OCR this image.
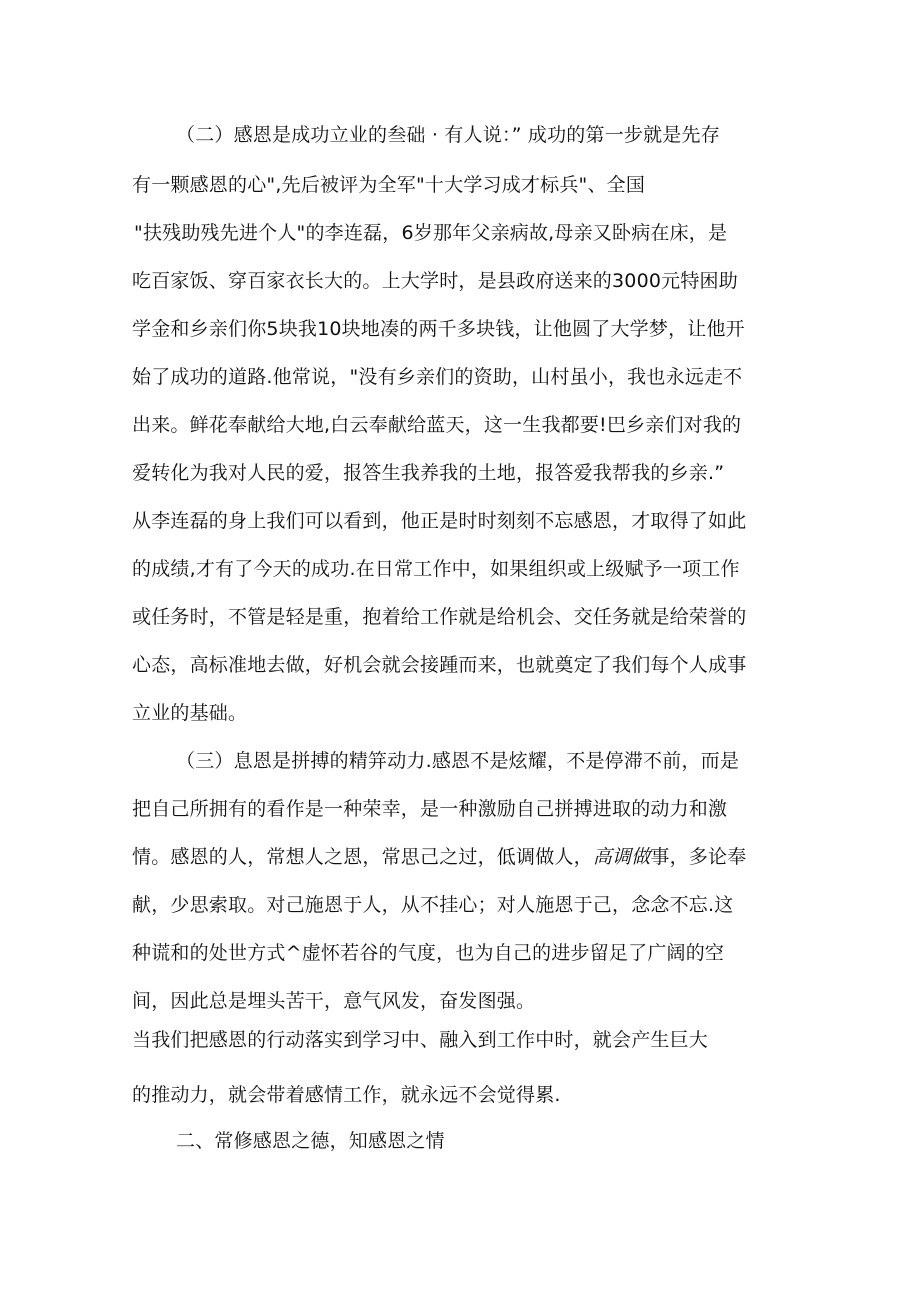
（二）感恩是成功立业的叁础 · 有人说：” 成功的第一步就是先存
有一颗感恩的心",先后被评为全军"十大学习成才标兵"、全国
"扶残助残先进个人"的李连磊，6岁那年父亲病故,母亲又卧病在床，是
吃百家饭、穿百家衣长大的。上大学时，是县政府送来的3000元特困助
学金和乡亲们你5块我10块地凑的两千多块钱，让他圆了大学梦，让他开
始了成功的道路.他常说，"没有乡亲们的资助，山村虽小，我也永远走不
出来。鲜花奉献给大地,白云奉献给蓝天，这一生我都要!巴乡亲们对我的
爱转化为我对人民的爱，报答生我养我的土地，报答爱我帮我的乡亲.”
从李连磊的身上我们可以看到，他正是时时刻刻不忘感恩，才取得了如此
的成绩,才有了今天的成功.在日常工作中，如果组织或上级赋予一项工作
或任务时，不管是轻是重，抱着给工作就是给机会、交任务就是给荣誉的
心态，高标准地去做，好机会就会接踵而来，也就奠定了我们每个人成事
立业的基础。
（三）息恩是拼搏的精笄动力.感恩不是炫耀，不是停滞不前，而是
把自己所拥有的看作是一种荣幸，是一种激励自己拼搏进取的动力和激
情。感恩的人，常想人之恩，常思己之过，低调做人，高调做事，多论奉
献，少思索取。对己施恩于人，从不挂心；对人施恩于己，念念不忘.这
种谎和的处世方式^虚怀若谷的气度，也为自己的进步留足了广阔的空
间，因此总是埋头苦干，意气风发，奋发图强。
当我们把感恩的行动落实到学习中、融入到工作中时，就会产生巨大
的推动力，就会带着感情工作，就永远不会觉得累.
二、常修感恩之德，知感恩之情
